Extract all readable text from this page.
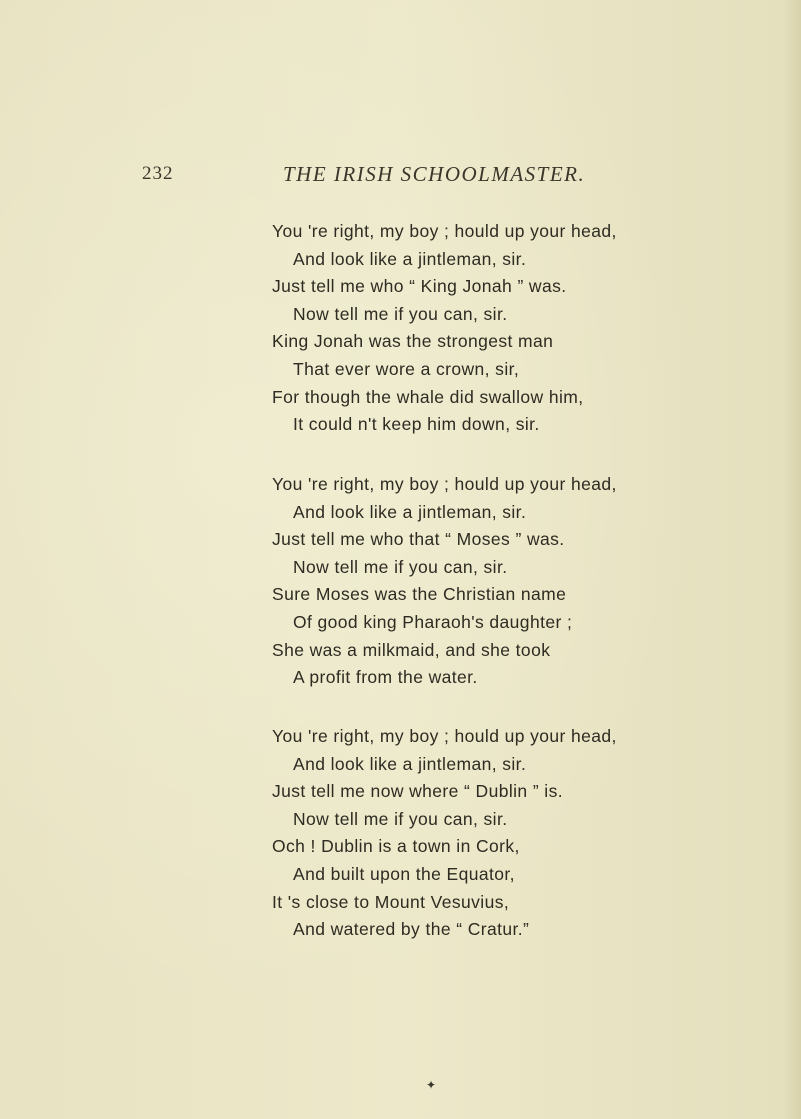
232	THE IRISH SCHOOLMASTER.
You 're right, my boy ; hould up your head,
And look like a jintleman, sir.
Just tell me who “ King Jonah ” was.
Now tell me if you can, sir.
King Jonah was the strongest man
That ever wore a crown, sir,
For though the whale did swallow him,
It could n't keep him down, sir.
You 're right, my boy ; hould up your head,
And look like a jintleman, sir.
Just tell me who that “ Moses ” was.
Now tell me if you can, sir.
Sure Moses was the Christian name
Of good king Pharaoh's daughter ;
She was a milkmaid, and she took
A profit from the water.
You 're right, my boy ; hould up your head,
And look like a jintleman, sir.
Just tell me now where “ Dublin ” is.
Now tell me if you can, sir.
Och ! Dublin is a town in Cork,
And built upon the Equator,
It 's close to Mount Vesuvius,
And watered by the “ Cratur.”
✦
